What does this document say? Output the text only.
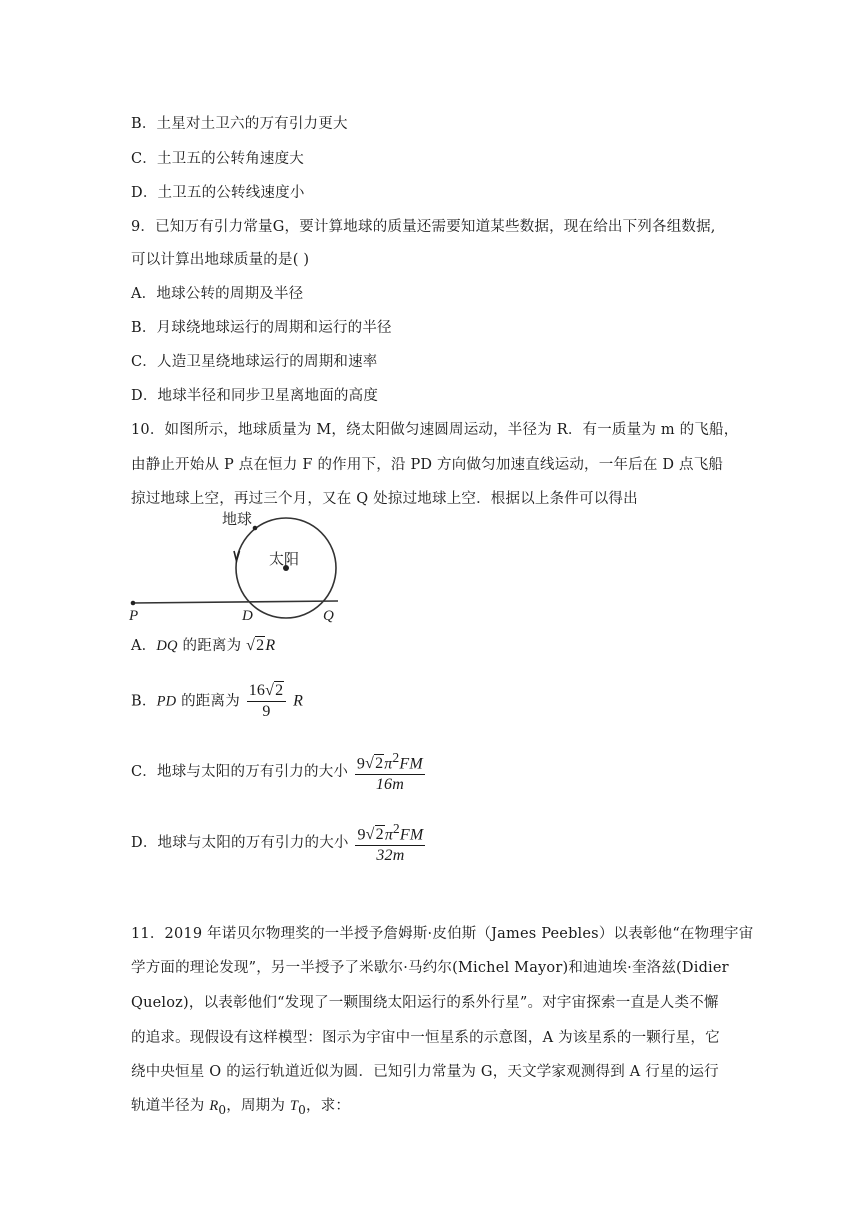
B．土星对土卫六的万有引力更大
C．土卫五的公转角速度大
D．土卫五的公转线速度小
9．已知万有引力常量G，要计算地球的质量还需要知道某些数据，现在给出下列各组数据,
可以计算出地球质量的是( )
A．地球公转的周期及半径
B．月球绕地球运行的周期和运行的半径
C．人造卫星绕地球运行的周期和速率
D．地球半径和同步卫星离地面的高度
10．如图所示，地球质量为 M，绕太阳做匀速圆周运动，半径为 R．有一质量为 m 的飞船，
由静止开始从 P 点在恒力 F 的作用下，沿 PD 方向做匀加速直线运动，一年后在 D 点飞船
掠过地球上空，再过三个月，又在 Q 处掠过地球上空．根据以上条件可以得出
地球
太阳
P	D	Q
A．DQ 的距离为 √2R
B．PD 的距离为 $\frac{16√2}{9}$ R
C．地球与太阳的万有引力的大小 $\frac{9√2\pi^2FM}{16m}$
D．地球与太阳的万有引力的大小 $\frac{9√2\pi^2FM}{32m}$
11．2019 年诺贝尔物理奖的一半授予詹姆斯·皮伯斯（James Peebles）以表彰他“在物理宇宙
学方面的理论发现”，另一半授予了米歇尔·马约尔(Michel Mayor)和迪迪埃·奎洛兹(Didier
Queloz)，以表彰他们“发现了一颗围绕太阳运行的系外行星”。对宇宙探索一直是人类不懈
的追求。现假设有这样模型：图示为宇宙中一恒星系的示意图，A 为该星系的一颗行星，它
绕中央恒星 O 的运行轨道近似为圆．已知引力常量为 G，天文学家观测得到 A 行星的运行
轨道半径为 $R_0$，周期为 $T_0$，求：
